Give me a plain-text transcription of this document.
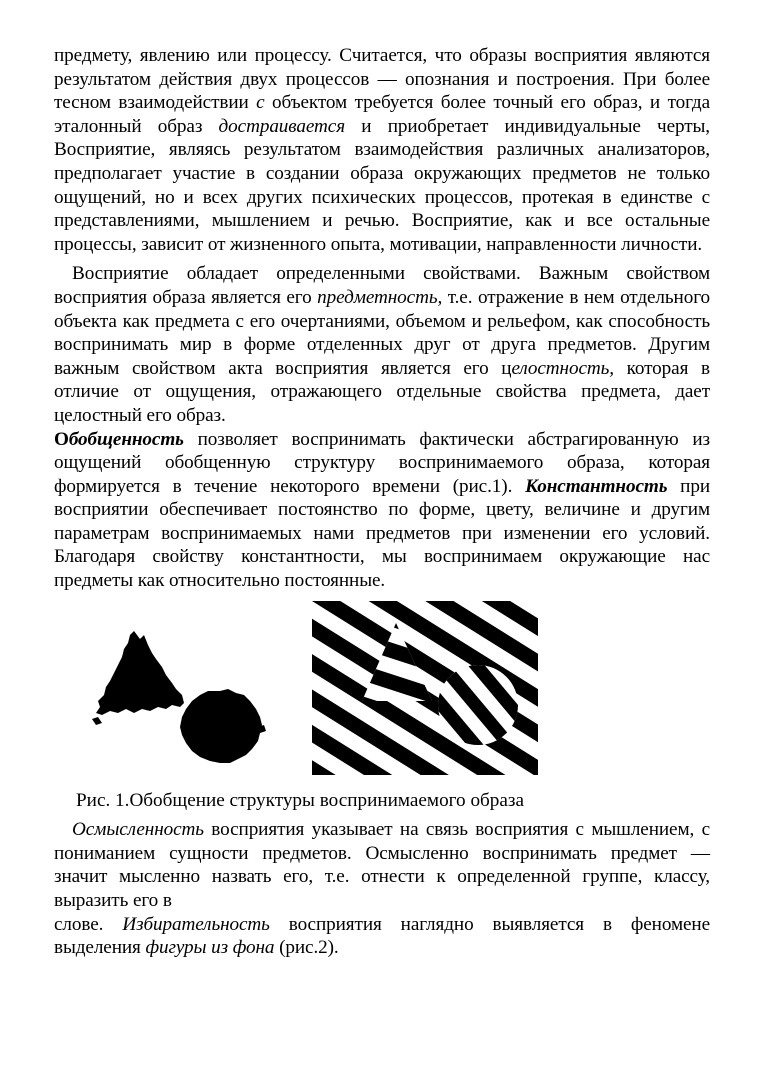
предмету, явлению или процессу. Считается, что образы восприятия являются результатом действия двух процессов — опознания и построения. При более тесном взаимодействии с объектом требуется более точный его образ, и тогда эталонный образ достраивается и приобретает индивидуальные черты, Восприятие, являясь результатом взаимодействия различных анализаторов, предполагает участие в создании образа окружающих предметов не только ощущений, но и всех других психических процессов, протекая в единстве с представлениями, мышлением и речью. Восприятие, как и все остальные процессы, зависит от жизненного опыта, мотивации, направленности личности.

Восприятие обладает определенными свойствами. Важным свойством восприятия образа является его предметность, т.е. отражение в нем отдельного объекта как предмета с его очертаниями, объемом и рельефом, как способность воспринимать мир в форме отделенных друг от друга предметов. Другим важным свойством акта восприятия является его целостность, которая в отличие от ощущения, отражающего отдельные свойства предмета, дает целостный его образ.

Обобщенность позволяет воспринимать фактически абстрагированную из ощущений обобщенную структуру воспринимаемого образа, которая формируется в течение некоторого времени (рис.1). Константность при восприятии обеспечивает постоянство по форме, цвету, величине и другим параметрам воспринимаемых нами предметов при изменении его условий. Благодаря свойству константности, мы воспринимаем окружающие нас предметы как относительно постоянные.

Рис. 1.Обобщение структуры воспринимаемого образа

Осмысленность восприятия указывает на связь восприятия с мышлением, с пониманием сущности предметов. Осмысленно воспринимать предмет — значит мысленно назвать его, т.е. отнести к определенной группе, классу, выразить его в

слове. Избирательность восприятия наглядно выявляется в феномене выделения фигуры из фона (рис.2).
